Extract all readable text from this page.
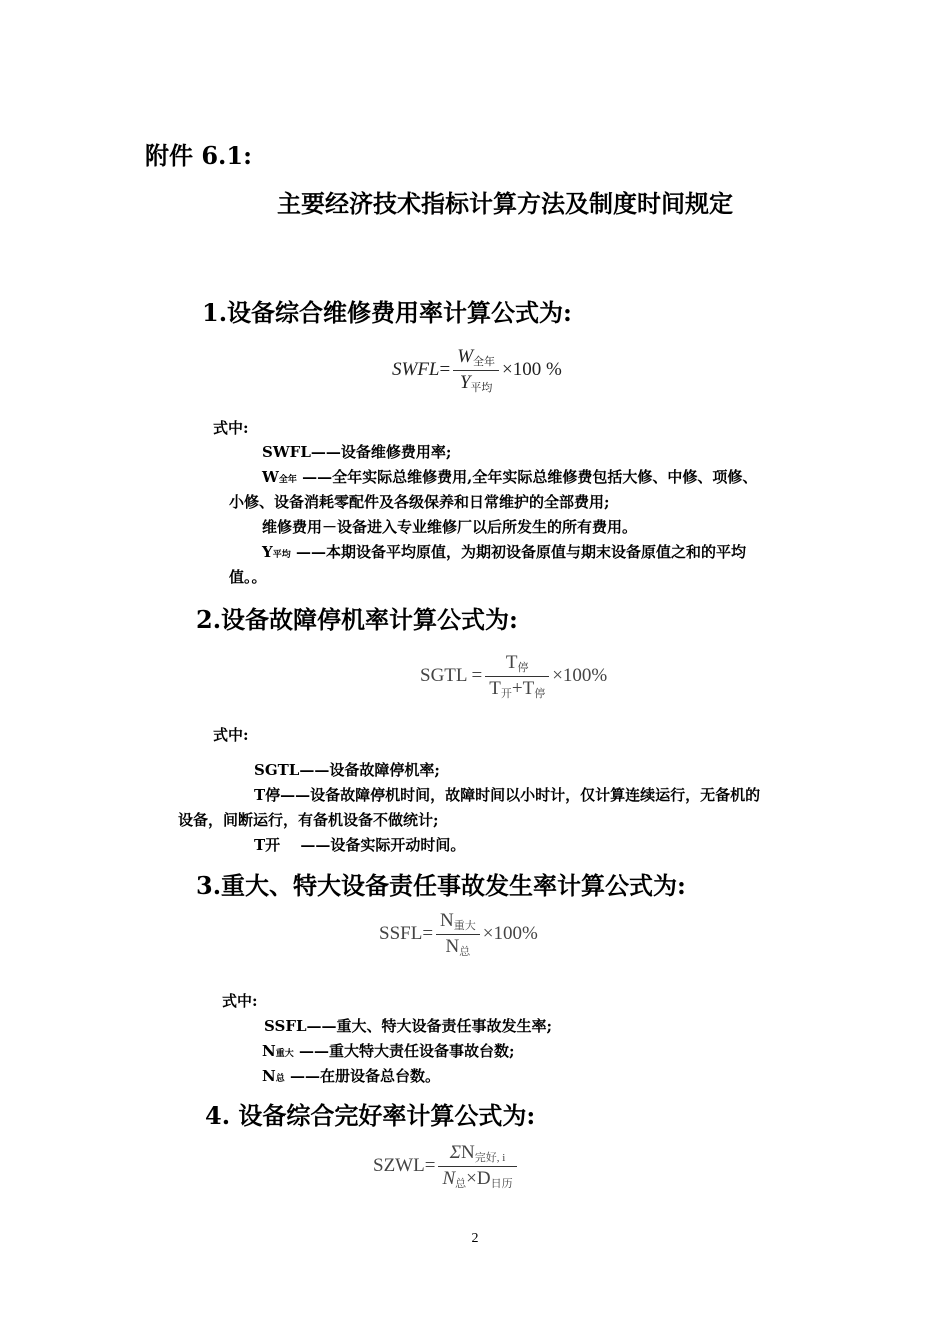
附件 6.1:
主要经济技术指标计算方法及制度时间规定
1.设备综合维修费用率计算公式为:
SWFL= $\frac{\text{W全年}}{\text{Y平均}} \times 100$ %
式中:
SWFL——设备维修费用率;
W全年 ——全年实际总维修费用,全年实际总维修费包括大修、中修、项修、
小修、设备消耗零配件及各级保养和日常维护的全部费用;
维修费用－设备进入专业维修厂以后所发生的所有费用。
Y平均 ——本期设备平均原值，为期初设备原值与期末设备原值之和的平均
值。。
2.设备故障停机率计算公式为:
SGTL = $\frac{\text{T停}}{\text{T开+T停}} \times 100\%$
式中:
SGTL——设备故障停机率;
T停——设备故障停机时间，故障时间以小时计，仅计算连续运行，无备机的
设备，间断运行，有备机设备不做统计;
T开　 ——设备实际开动时间。
3.重大、特大设备责任事故发生率计算公式为:
SSFL= $\frac{\text{N重大}}{\text{N总}} \times 100\%$
式中:
SSFL——重大、特大设备责任事故发生率;
N重大 ——重大特大责任设备事故台数;
N总 ——在册设备总台数。
4. 设备综合完好率计算公式为:
SZWL= $\frac{\text{ΣN完好, i}}{\text{N总×D日历}}$
2
